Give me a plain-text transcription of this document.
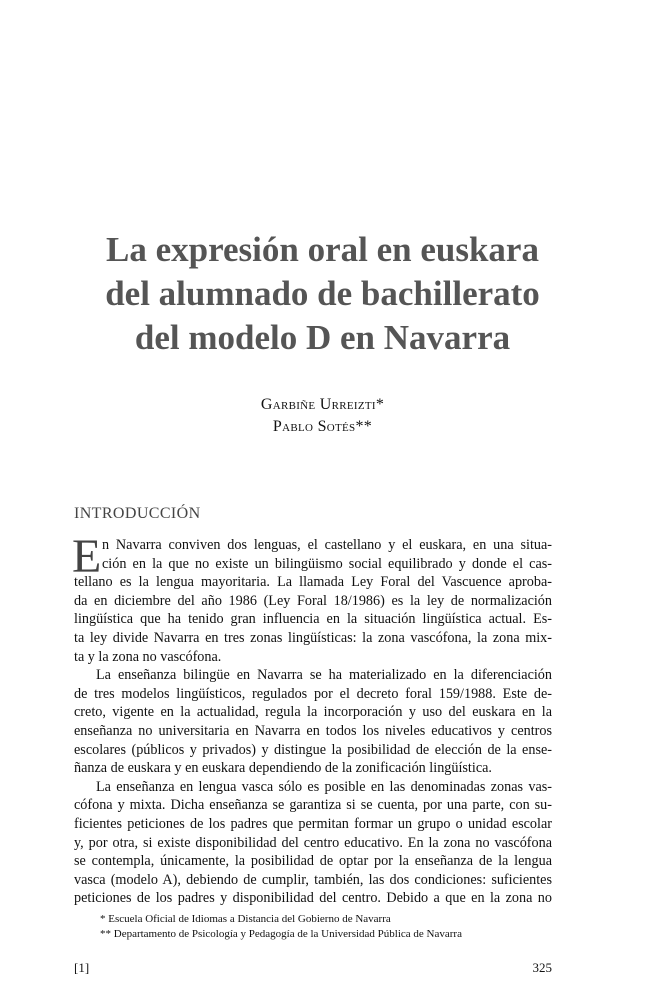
La expresión oral en euskara
del alumnado de bachillerato
del modelo D en Navarra
Garbiñe Urreizti*
Pablo Sotés**
INTRODUCCIÓN
E n Navarra conviven dos lenguas, el castellano y el euskara, en una situa-
ción en la que no existe un bilingüismo social equilibrado y donde el cas-
tellano es la lengua mayoritaria. La llamada Ley Foral del Vascuence aproba-
da en diciembre del año 1986 (Ley Foral 18/1986) es la ley de normalización
lingüística que ha tenido gran influencia en la situación lingüística actual. Es-
ta ley divide Navarra en tres zonas lingüísticas: la zona vascófona, la zona mix-
ta y la zona no vascófona.
La enseñanza bilingüe en Navarra se ha materializado en la diferenciación
de tres modelos lingüísticos, regulados por el decreto foral 159/1988. Este de-
creto, vigente en la actualidad, regula la incorporación y uso del euskara en la
enseñanza no universitaria en Navarra en todos los niveles educativos y centros
escolares (públicos y privados) y distingue la posibilidad de elección de la ense-
ñanza de euskara y en euskara dependiendo de la zonificación lingüística.
La enseñanza en lengua vasca sólo es posible en las denominadas zonas vas-
cófona y mixta. Dicha enseñanza se garantiza si se cuenta, por una parte, con su-
ficientes peticiones de los padres que permitan formar un grupo o unidad escolar
y, por otra, si existe disponibilidad del centro educativo. En la zona no vascófona
se contempla, únicamente, la posibilidad de optar por la enseñanza de la lengua
vasca (modelo A), debiendo de cumplir, también, las dos condiciones: suficientes
peticiones de los padres y disponibilidad del centro. Debido a que en la zona no
* Escuela Oficial de Idiomas a Distancia del Gobierno de Navarra
** Departamento de Psicología y Pedagogía de la Universidad Pública de Navarra
[1]	325
